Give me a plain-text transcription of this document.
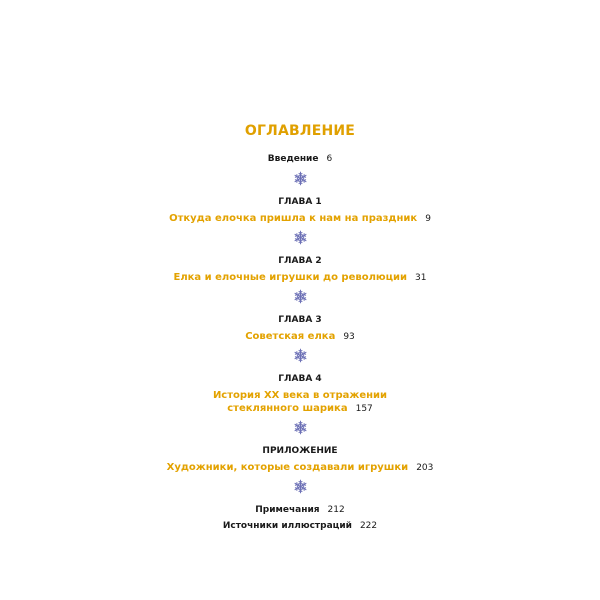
ОГЛАВЛЕНИЕ
Введение 6
ГЛАВА 1
Откуда елочка пришла к нам на праздник 9
ГЛАВА 2
Елка и елочные игрушки до революции 31
ГЛАВА 3
Советская елка 93
ГЛАВА 4
История XX века в отражении
стеклянного шарика 157
ПРИЛОЖЕНИЕ
Художники, которые создавали игрушки 203
Примечания 212
Источники иллюстраций 222
